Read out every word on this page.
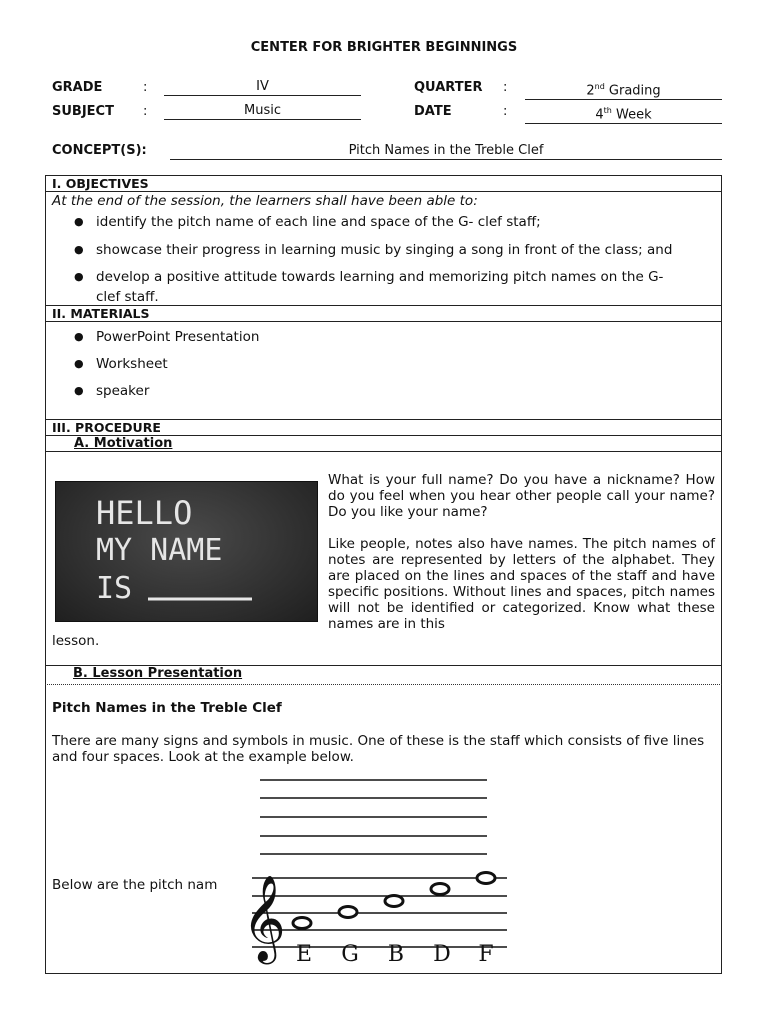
CENTER FOR BRIGHTER BEGINNINGS
GRADE	:	IV	QUARTER :	2nd Grading
SUBJECT :	Music	DATE	:	4th Week
CONCEPT(S):	Pitch Names in the Treble Clef
I. OBJECTIVES
At the end of the session, the learners shall have been able to:
● identify the pitch name of each line and space of the G- clef staff;
● showcase their progress in learning music by singing a song in front of the class; and
● develop a positive attitude towards learning and memorizing pitch names on the G-
clef staff.
II. MATERIALS
● PowerPoint Presentation
● Worksheet
● speaker
III. PROCEDURE
A. Motivation
HELLO
MY NAME
IS
What is your full name? Do you have a nickname? How do you feel when you hear other people call your name? Do you like your name?
Like people, notes also have names. The pitch names of notes are represented by letters of the alphabet. They are placed on the lines and spaces of the staff and have specific positions. Without lines and spaces, pitch names will not be identified or categorized. Know what these names are in this
lesson.
B. Lesson Presentation
Pitch Names in the Treble Clef
There are many signs and symbols in music. One of these is the staff which consists of five lines and four spaces. Look at the example below.
Below are the pitch nam 𝄞 E G B D F
